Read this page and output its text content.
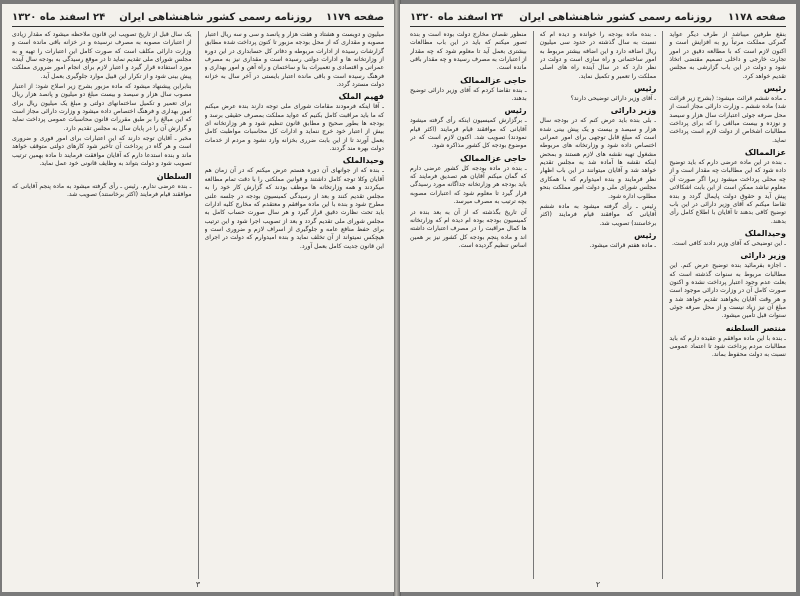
صفحه ۱۱۷۹
روزنامه رسمی کشور شاهنشاهی ایران
۲۴ اسفند ماه ۱۳۲۰

میلیون و دویست و هشتاد و هفت هزار و پانصد و سی و سه ریال اعتبار مصوبه و مقداری که از محل بودجه مزبور تا کنون پرداخت شده مطابق گزارشات رسیده از ادارات مربوطه و دفاتر کل حسابداری در این دوره از وزارتخانه ها و ادارات دولتی رسیده است و مقداری نیز به مصرف عمرانی و اقتصادی و تعمیرات بنا و ساختمان و راه آهن و امور بهداری و فرهنگ رسیده است و باقی مانده اعتبار بایستی در آخر سال به خزانه دولت مسترد گردد.

فهیم الملک

ـ آقا اینکه فرمودند مقامات شورای ملی توجه دارند بنده عرض میکنم که ما باید مراقبت کامل بکنیم که عواید مملکت بمصرف حقیقی برسد و بودجه ها بطور صحیح و مطابق قانون تنظیم شود و هر وزارتخانه ای بیش از اعتبار خود خرج ننماید و ادارات کل محاسبات مواظبت کامل بعمل آورند تا از این بابت ضرری بخزانه وارد نشود و مردم از خدمات دولت بهره مند گردند.

وحیدالملک

ـ بنده که از جوانهای آن دوره هستم عرض میکنم که در آن زمان هم آقایان وکلا توجه کامل داشتند و قوانین مملکتی را با دقت تمام مطالعه میکردند و همه وزارتخانه ها موظف بودند که گزارش کار خود را به مجلس تقدیم کنند و بعد از رسیدگی کمیسیون بودجه در جلسه علنی مطرح شود و بنده با این ماده موافقم و معتقدم که مخارج کلیه ادارات باید تحت نظارت دقیق قرار گیرد و هر سال صورت حساب کامل به مجلس شورای ملی تقدیم گردد و بعد از تصویب اجرا شود و این ترتیب برای حفظ منافع عامه و جلوگیری از اسراف لازم و ضروری است و هیچکس نمیتواند از آن تخلف نماید و بنده امیدوارم که دولت در اجرای این قانون جدیت کامل بعمل آورد.

یک سال قبل از تاریخ تصویب این قانون ملاحظه میشود که مقدار زیادی از اعتبارات مصوبه به مصرف نرسیده و در خزانه باقی مانده است و وزارت دارائی مکلف است که صورت کامل این اعتبارات را تهیه و به مجلس شورای ملی تقدیم نماید تا در موقع رسیدگی به بودجه سال آینده مورد استفاده قرار گیرد و اعتبار لازم برای انجام امور ضروری مملکت پیش بینی شود و از تکرار این قبیل موارد جلوگیری بعمل آید.

بنابراین پیشنهاد میشود که ماده مزبور بشرح زیر اصلاح شود: از اعتبار مصوب سال هزار و سیصد و بیست مبلغ دو میلیون و پانصد هزار ریال برای تعمیر و تکمیل ساختمانهای دولتی و مبلغ یک میلیون ریال برای امور بهداری و فرهنگ اختصاص داده میشود و وزارت دارائی مجاز است که این مبالغ را بر طبق مقررات قانون محاسبات عمومی پرداخت نماید و گزارش آن را در پایان سال به مجلس تقدیم دارد.

مخبر ـ آقایان توجه دارند که این اعتبارات برای امور فوری و ضروری است و هر گاه در پرداخت آن تأخیر شود کارهای دولتی متوقف خواهد ماند و بنده استدعا دارم که آقایان موافقت فرمایند تا ماده بهمین ترتیب تصویب شود و دولت بتواند به وظایف قانونی خود عمل نماید.

السلطان

ـ بنده عرضی ندارم. رئیس ـ رأی گرفته میشود به ماده پنجم آقایانی که موافقند قیام فرمایند (اکثر برخاستند) تصویب شد.

۳
صفحه ۱۱۷۸
روزنامه رسمی کشور شاهنشاهی ایران
۲۴ اسفند ماه ۱۳۲۰

بنفع طرفین میباشد از طرف دیگر عواید گمرکی مملکت مرتباً رو به افزایش است و اکنون لازم است که با مطالعه دقیق در امور تجارت خارجی و داخلی تصمیم مقتضی اتخاذ شود و دولت در این باب گزارشی به مجلس تقدیم خواهد کرد.

رئیس

ـ ماده ششم قرائت میشود: (بشرح زیر قرائت شد) ماده ششم ـ وزارت دارائی مجاز است از محل صرفه جوئی اعتبارات سال هزار و سیصد و نوزده و بیست مبالغی را که برای پرداخت مطالبات اشخاص از دولت لازم است پرداخت نماید.

عزالممالک

ـ بنده در این ماده عرضی دارم که باید توضیح داده شود که این مطالبات چه مقدار است و از چه محلی پرداخت میشود زیرا اگر صورت آن معلوم نباشد ممکن است از این بابت اشکالاتی پیش آید و حقوق دولت پایمال گردد و بنده تقاضا میکنم که آقای وزیر دارائی در این باب توضیح کافی بدهند تا آقایان با اطلاع کامل رأی بدهند.

وحیدالملک

ـ این توضیحی که آقای وزیر دادند کافی است.

وزیر دارائی

ـ اجازه بفرمائید بنده توضیح عرض کنم. این مطالبات مربوط به سنوات گذشته است که بعلت عدم وجود اعتبار پرداخت نشده و اکنون صورت کامل آن در وزارت دارائی موجود است و هر وقت آقایان بخواهند تقدیم خواهد شد و مبلغ آن نیز زیاد نیست و از محل صرفه جوئی سنوات قبل تأمین میشود.

منتصر السلطنه

ـ بنده با این ماده موافقم و عقیده دارم که باید مطالبات مردم پرداخت شود تا اعتماد عمومی نسبت به دولت محفوظ بماند.

ـ بنده ماده بودجه را خوانده و دیده ام که نسبت به سال گذشته در حدود سی میلیون ریال اضافه دارد و این اضافه بیشتر مربوط به امور ساختمانی و راه سازی است و دولت در نظر دارد که در سال آینده راه های اصلی مملکت را تعمیر و تکمیل نماید.

رئیس

ـ آقای وزیر دارائی توضیحی دارند؟

وزیر دارائی

ـ بلی بنده باید عرض کنم که در بودجه سال هزار و سیصد و بیست و یک پیش بینی شده است که مبلغ قابل توجهی برای امور عمرانی اختصاص داده شود و وزارتخانه های مربوطه مشغول تهیه نقشه های لازم هستند و بمحض اینکه نقشه ها آماده شد به مجلس تقدیم خواهد شد و آقایان میتوانند در این باب اظهار نظر فرمایند و بنده امیدوارم که با همکاری مجلس شورای ملی و دولت امور مملکت بنحو مطلوب اداره شود.

رئیس ـ رأی گرفته میشود به ماده ششم آقایانی که موافقند قیام فرمایند (اکثر برخاستند) تصویب شد.

رئیس

ـ ماده هفتم قرائت میشود.

منظور نقصان مخارج دولت بوده است و بنده تصور میکنم که باید در این باب مطالعات بیشتری بعمل آید تا معلوم شود که چه مقدار از اعتبارات به مصرف رسیده و چه مقدار باقی مانده است.

حاجی عزالممالک

ـ بنده تقاضا کردم که آقای وزیر دارائی توضیح بدهند.

رئیس

ـ برگزارش کمیسیون اینکه رأی گرفته میشود آقایانی که موافقند قیام فرمایند (اکثر قیام نمودند) تصویب شد. اکنون لازم است که در موضوع بودجه کل کشور مذاکره شود.

حاجی عزالممالک

ـ بنده در ماده بودجه کل کشور عرضی دارم که گمان میکنم آقایان هم تصدیق فرمایند که باید بودجه هر وزارتخانه جداگانه مورد رسیدگی قرار گیرد تا معلوم شود که اعتبارات مصوبه بچه ترتیب به مصرف میرسد.

آن تاریخ بگذشته که از آن به بعد بنده در کمیسیون بودجه بوده ام دیده ام که وزارتخانه ها کمال مراقبت را در مصرف اعتبارات داشته اند و ماده پنجم بودجه کل کشور نیز بر همین اساس تنظیم گردیده است.

۲
